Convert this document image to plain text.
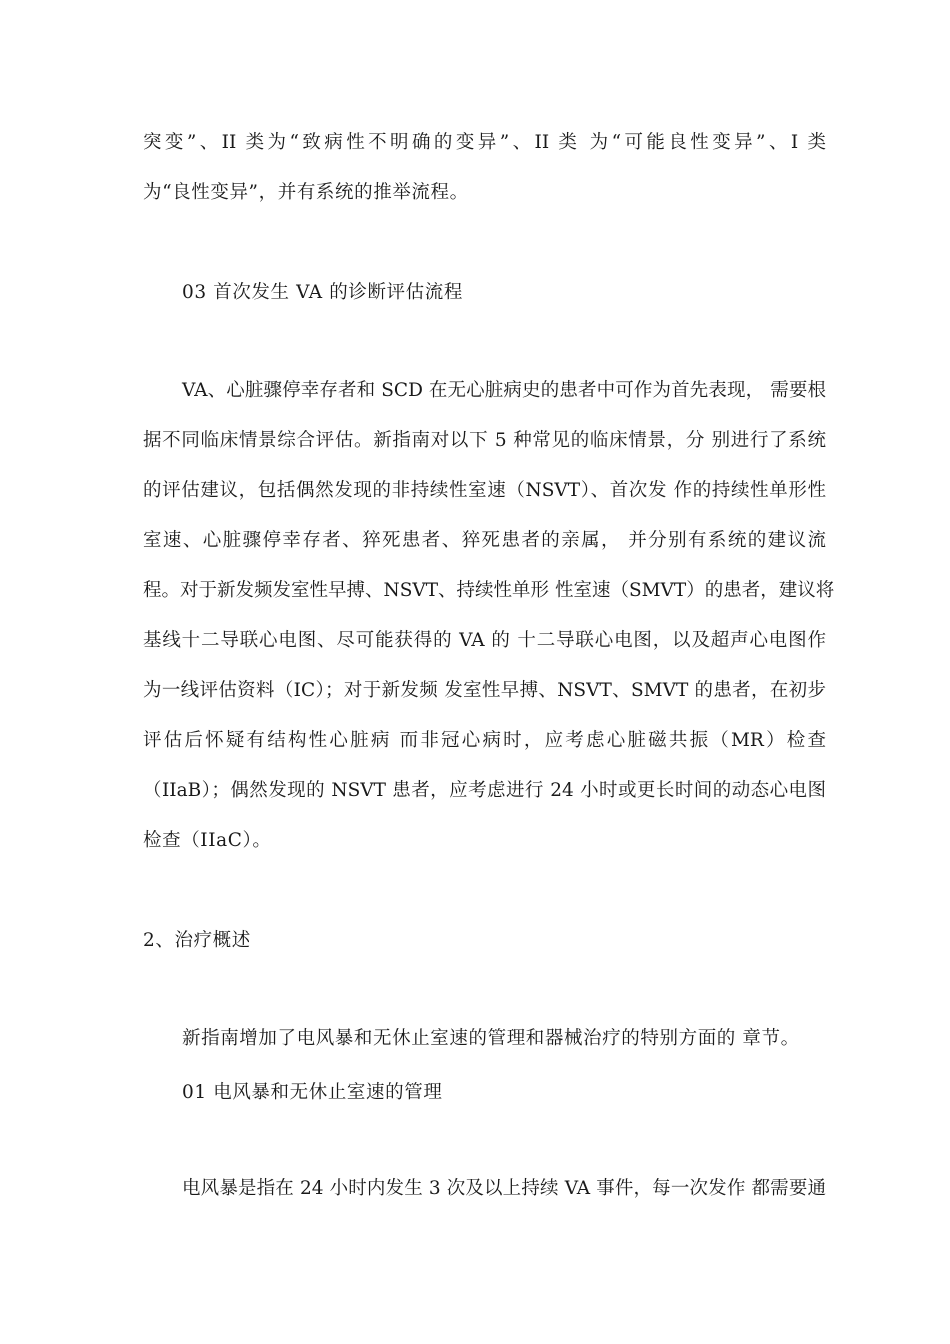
突变”、II 类为“致病性不明确的变异”、II 类 为“可能良性变异”、I 类
为“良性变异”，并有系统的推举流程。
03 首次发生 VA 的诊断评估流程
VA、心脏骤停幸存者和 SCD 在无心脏病史的患者中可作为首先表现， 需要根
据不同临床情景综合评估。新指南对以下 5 种常见的临床情景，分 别进行了系统
的评估建议，包括偶然发现的非持续性室速（NSVT）、首次发 作的持续性单形性
室速、心脏骤停幸存者、猝死患者、猝死患者的亲属， 并分别有系统的建议流
程。对于新发频发室性早搏、NSVT、持续性单形 性室速（SMVT）的患者，建议将
基线十二导联心电图、尽可能获得的 VA 的 十二导联心电图，以及超声心电图作
为一线评估资料（IC）；对于新发频 发室性早搏、NSVT、SMVT 的患者，在初步
评估后怀疑有结构性心脏病 而非冠心病时，应考虑心脏磁共振（MR）检查
（IIaB）；偶然发现的 NSVT 患者，应考虑进行 24 小时或更长时间的动态心电图
检查（IIaC）。
2、治疗概述
新指南增加了电风暴和无休止室速的管理和器械治疗的特别方面的 章节。
01 电风暴和无休止室速的管理
电风暴是指在 24 小时内发生 3 次及以上持续 VA 事件，每一次发作 都需要通
